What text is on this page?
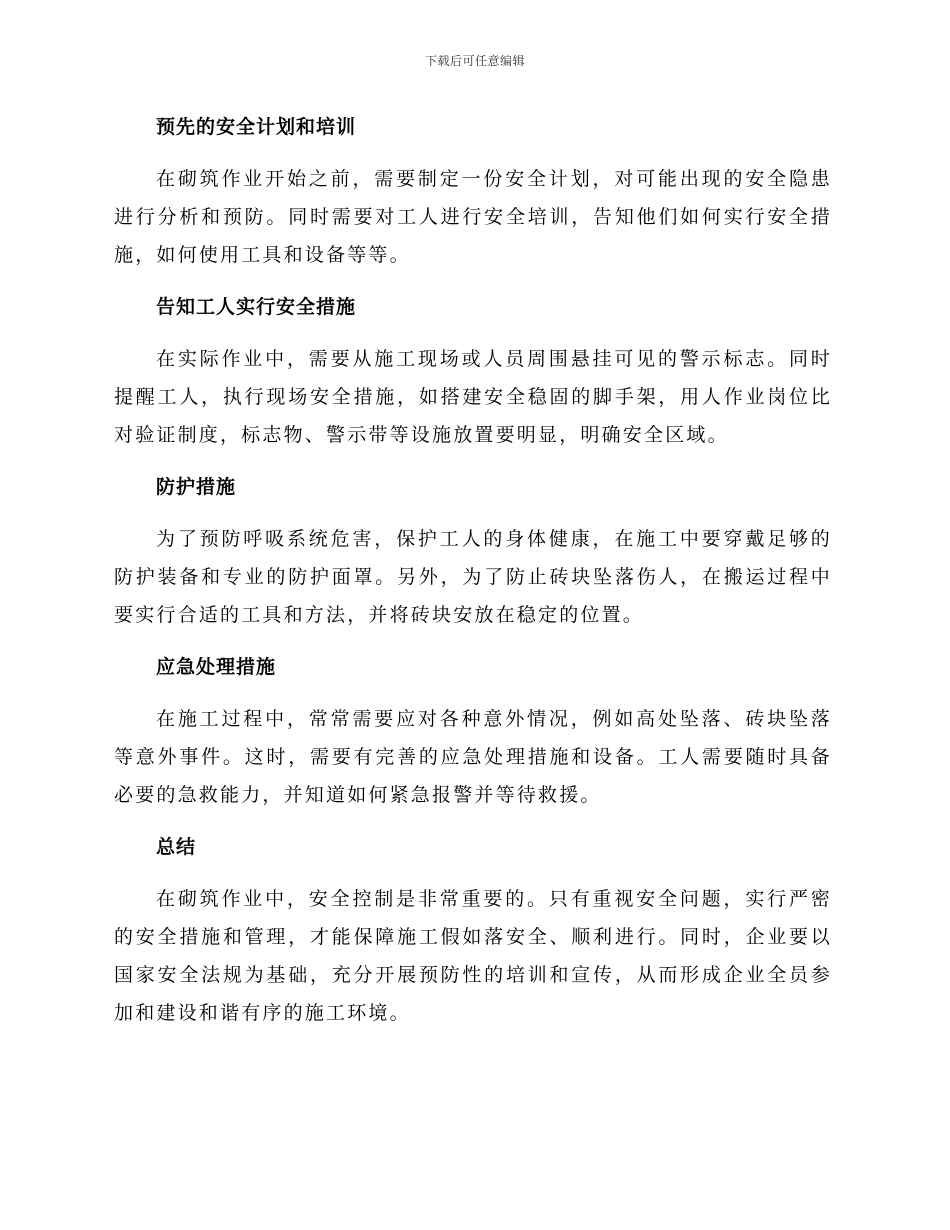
下载后可任意编辑

预先的安全计划和培训

在砌筑作业开始之前，需要制定一份安全计划，对可能出现的安全隐患进行分析和预防。同时需要对工人进行安全培训，告知他们如何实行安全措施，如何使用工具和设备等等。

告知工人实行安全措施

在实际作业中，需要从施工现场或人员周围悬挂可见的警示标志。同时提醒工人，执行现场安全措施，如搭建安全稳固的脚手架，用人作业岗位比对验证制度，标志物、警示带等设施放置要明显，明确安全区域。

防护措施

为了预防呼吸系统危害，保护工人的身体健康，在施工中要穿戴足够的防护装备和专业的防护面罩。另外，为了防止砖块坠落伤人，在搬运过程中要实行合适的工具和方法，并将砖块安放在稳定的位置。

应急处理措施

在施工过程中，常常需要应对各种意外情况，例如高处坠落、砖块坠落等意外事件。这时，需要有完善的应急处理措施和设备。工人需要随时具备必要的急救能力，并知道如何紧急报警并等待救援。

总结

在砌筑作业中，安全控制是非常重要的。只有重视安全问题，实行严密的安全措施和管理，才能保障施工假如落安全、顺利进行。同时，企业要以国家安全法规为基础，充分开展预防性的培训和宣传，从而形成企业全员参加和建设和谐有序的施工环境。
